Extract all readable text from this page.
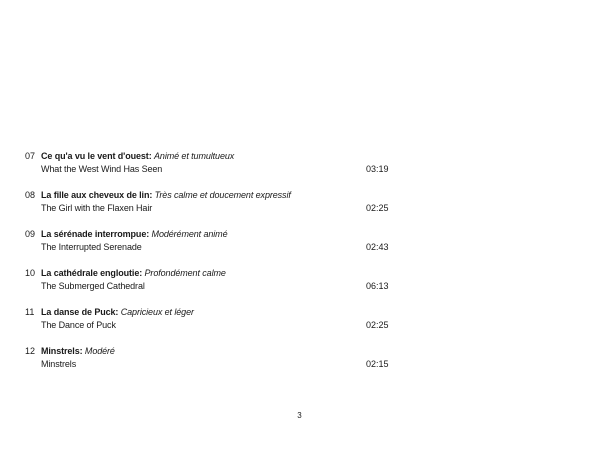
07 Ce qu'a vu le vent d'ouest: Animé et tumultueux
What the West Wind Has Seen	03:19
08 La fille aux cheveux de lin: Très calme et doucement expressif
The Girl with the Flaxen Hair	02:25
09 La sérénade interrompue: Modérément animé
The Interrupted Serenade	02:43
10 La cathédrale engloutie: Profondément calme
The Submerged Cathedral	06:13
11 La danse de Puck: Capricieux et léger
The Dance of Puck	02:25
12 Minstrels: Modéré
Minstrels	02:15
3
